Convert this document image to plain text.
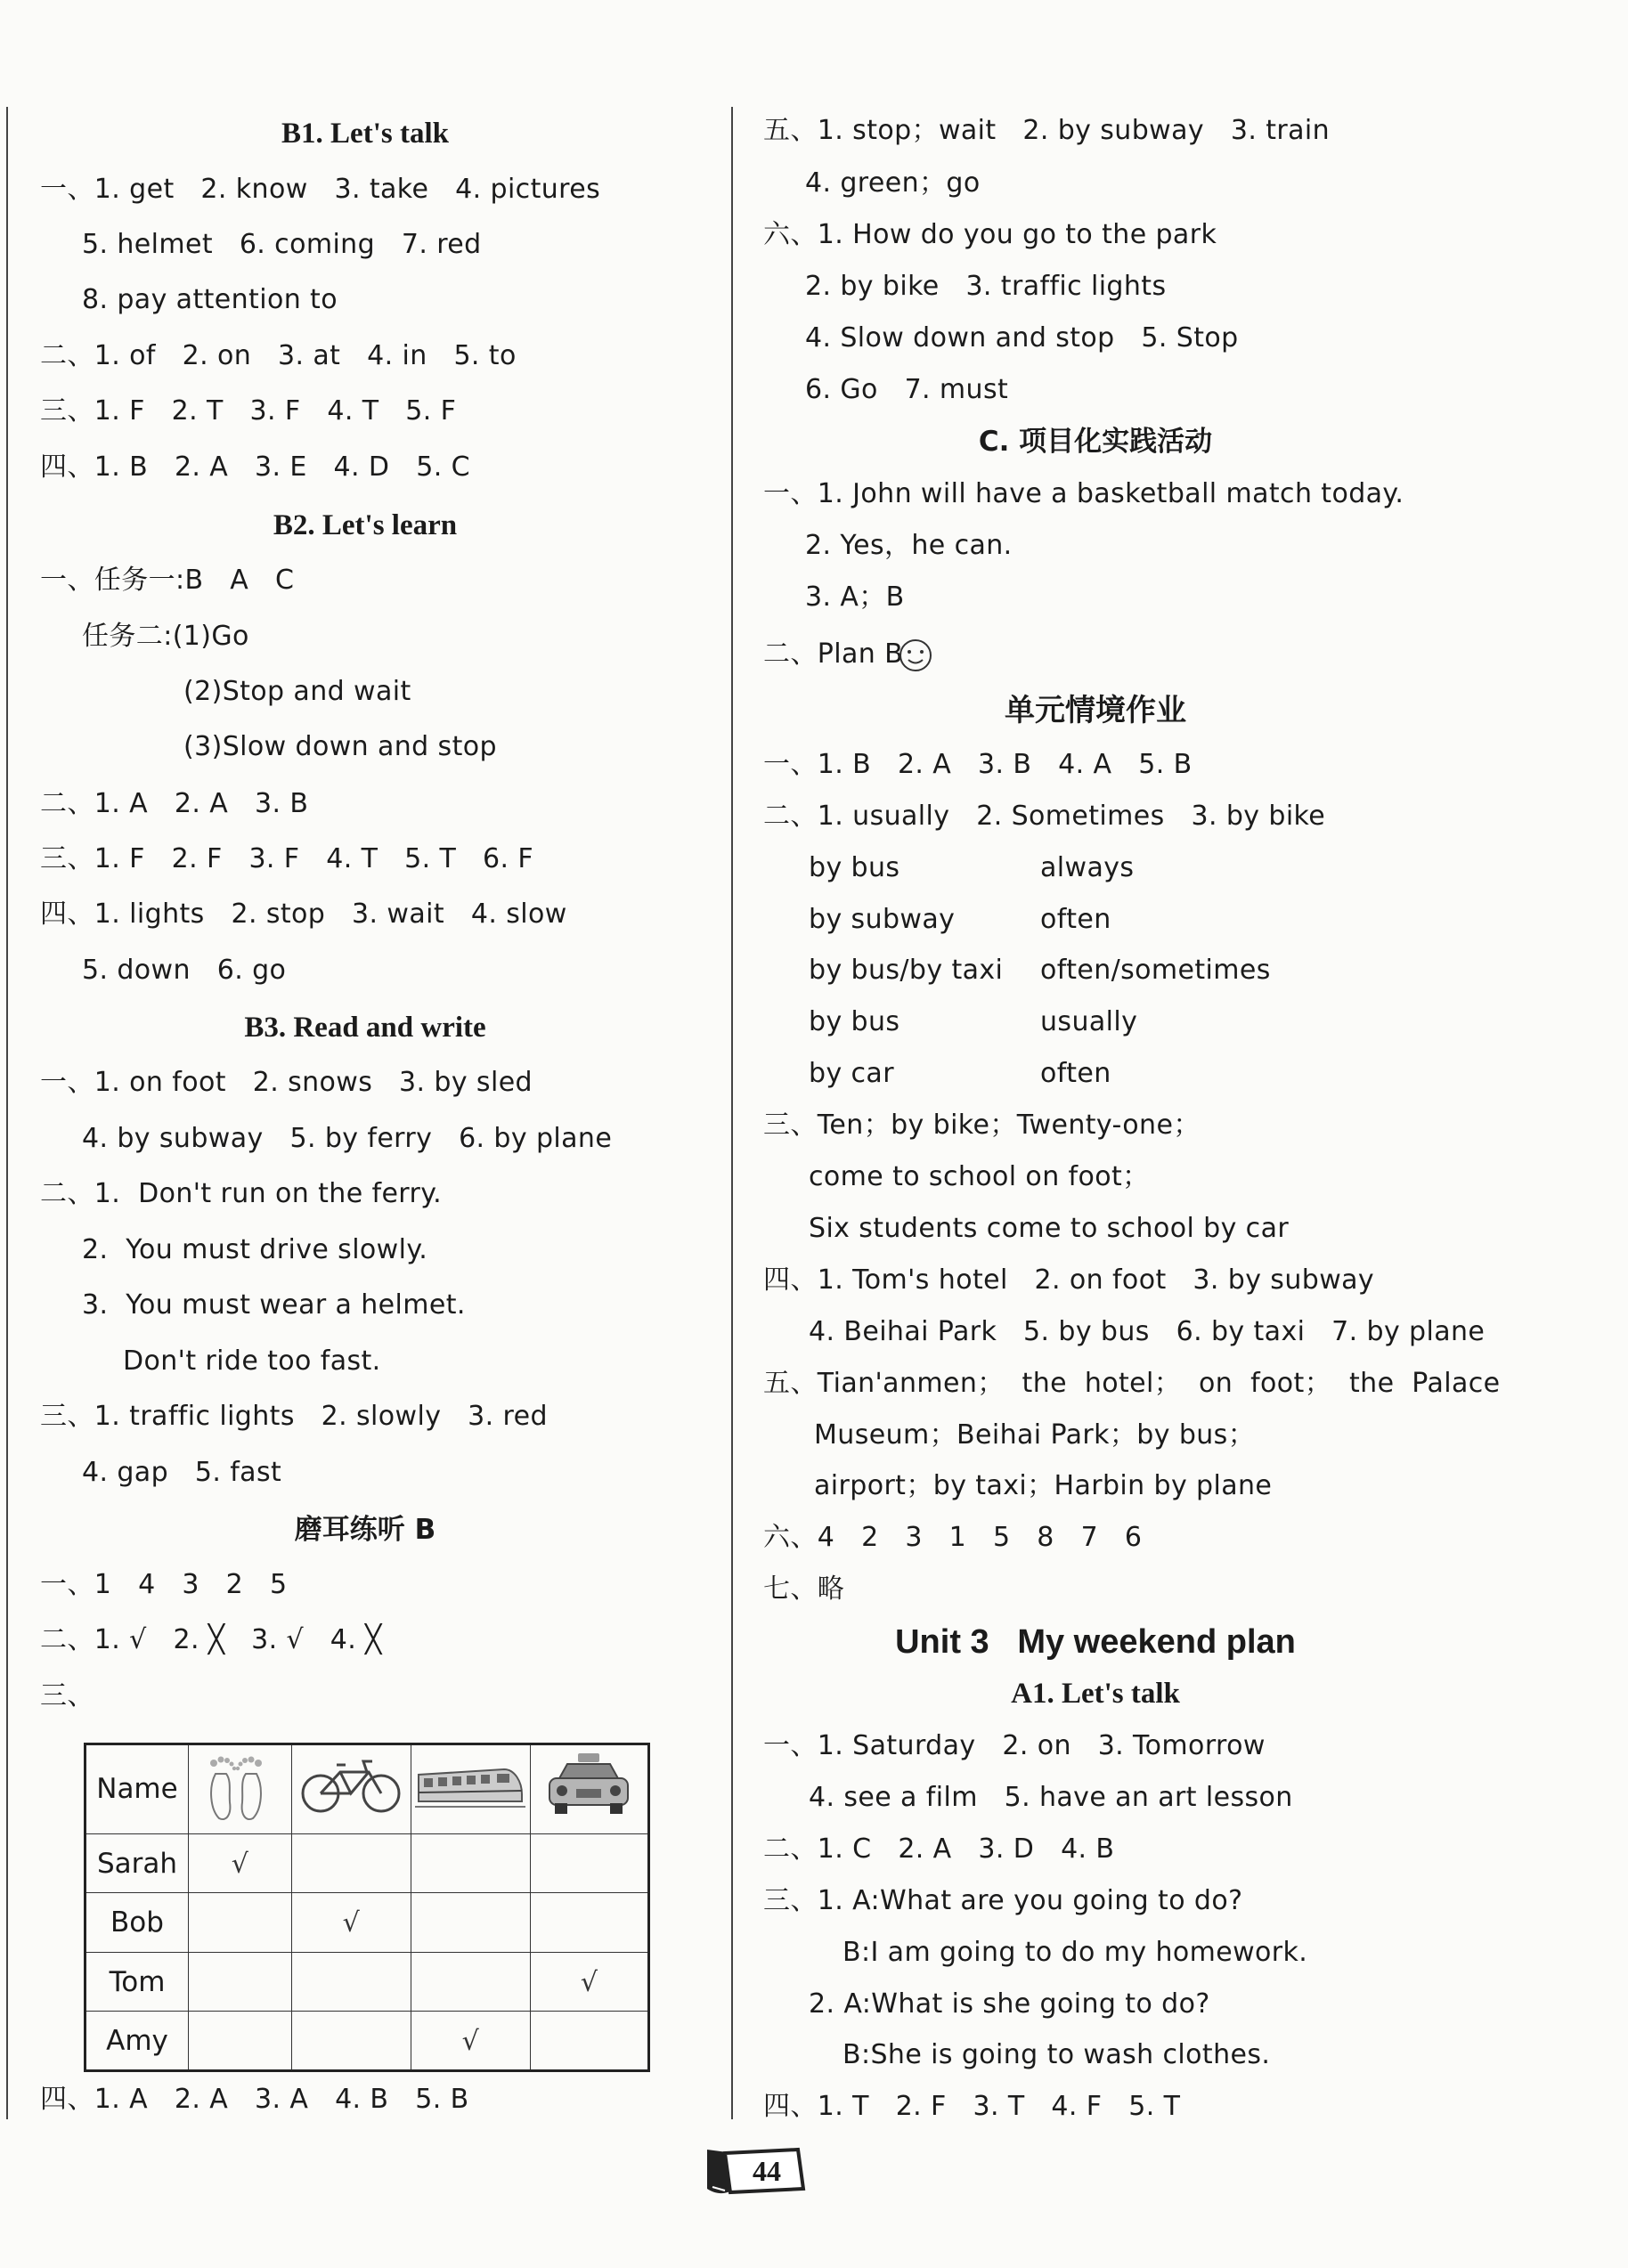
B1. Let's talk
一、1. get   2. know   3. take   4. pictures
5. helmet   6. coming   7. red
8. pay attention to
二、1. of   2. on   3. at   4. in   5. to
三、1. F   2. T   3. F   4. T   5. F
四、1. B   2. A   3. E   4. D   5. C
B2. Let's learn
一、任务一:B   A   C
任务二:(1)Go
(2)Stop and wait
(3)Slow down and stop
二、1. A   2. A   3. B
三、1. F   2. F   3. F   4. T   5. T   6. F
四、1. lights   2. stop   3. wait   4. slow
5. down   6. go
B3. Read and write
一、1. on foot   2. snows   3. by sled
4. by subway   5. by ferry   6. by plane
二、1.  Don't run on the ferry.
2.  You must drive slowly.
3.  You must wear a helmet.
Don't ride too fast.
三、1. traffic lights   2. slowly   3. red
4. gap   5. fast
磨耳练听 B
一、1   4   3   2   5
二、1. √   2. ╳   3. √   4. ╳
三、
Name				
Sarah	√			
Bob		√		
Tom				√
Amy			√	
四、1. A   2. A   3. A   4. B   5. B
五、1. stop；wait   2. by subway   3. train
4. green；go
六、1. How do you go to the park
2. by bike   3. traffic lights
4. Slow down and stop   5. Stop
6. Go   7. must
C. 项目化实践活动
一、1. John will have a basketball match today.
2. Yes，he can.
3. A；B
二、Plan B
单元情境作业
一、1. B   2. A   3. B   4. A   5. B
二、1. usually   2. Sometimes   3. by bike
by bus	always
by subway	often
by bus/by taxi often/sometimes
by bus	usually
by car	often
三、Ten；by bike；Twenty-one；
come to school on foot；
Six students come to school by car
四、1. Tom's hotel   2. on foot   3. by subway
4. Beihai Park   5. by bus   6. by taxi   7. by plane
五、Tian'anmen；  the  hotel；  on  foot；  the  Palace
Museum；Beihai Park；by bus；
airport；by taxi；Harbin by plane
六、4   2   3   1   5   8   7   6
七、略
Unit 3   My weekend plan
A1. Let's talk
一、1. Saturday   2. on   3. Tomorrow
4. see a film   5. have an art lesson
二、1. C   2. A   3. D   4. B
三、1. A:What are you going to do?
B:I am going to do my homework.
2. A:What is she going to do?
B:She is going to wash clothes.
四、1. T   2. F   3. T   4. F   5. T
44
